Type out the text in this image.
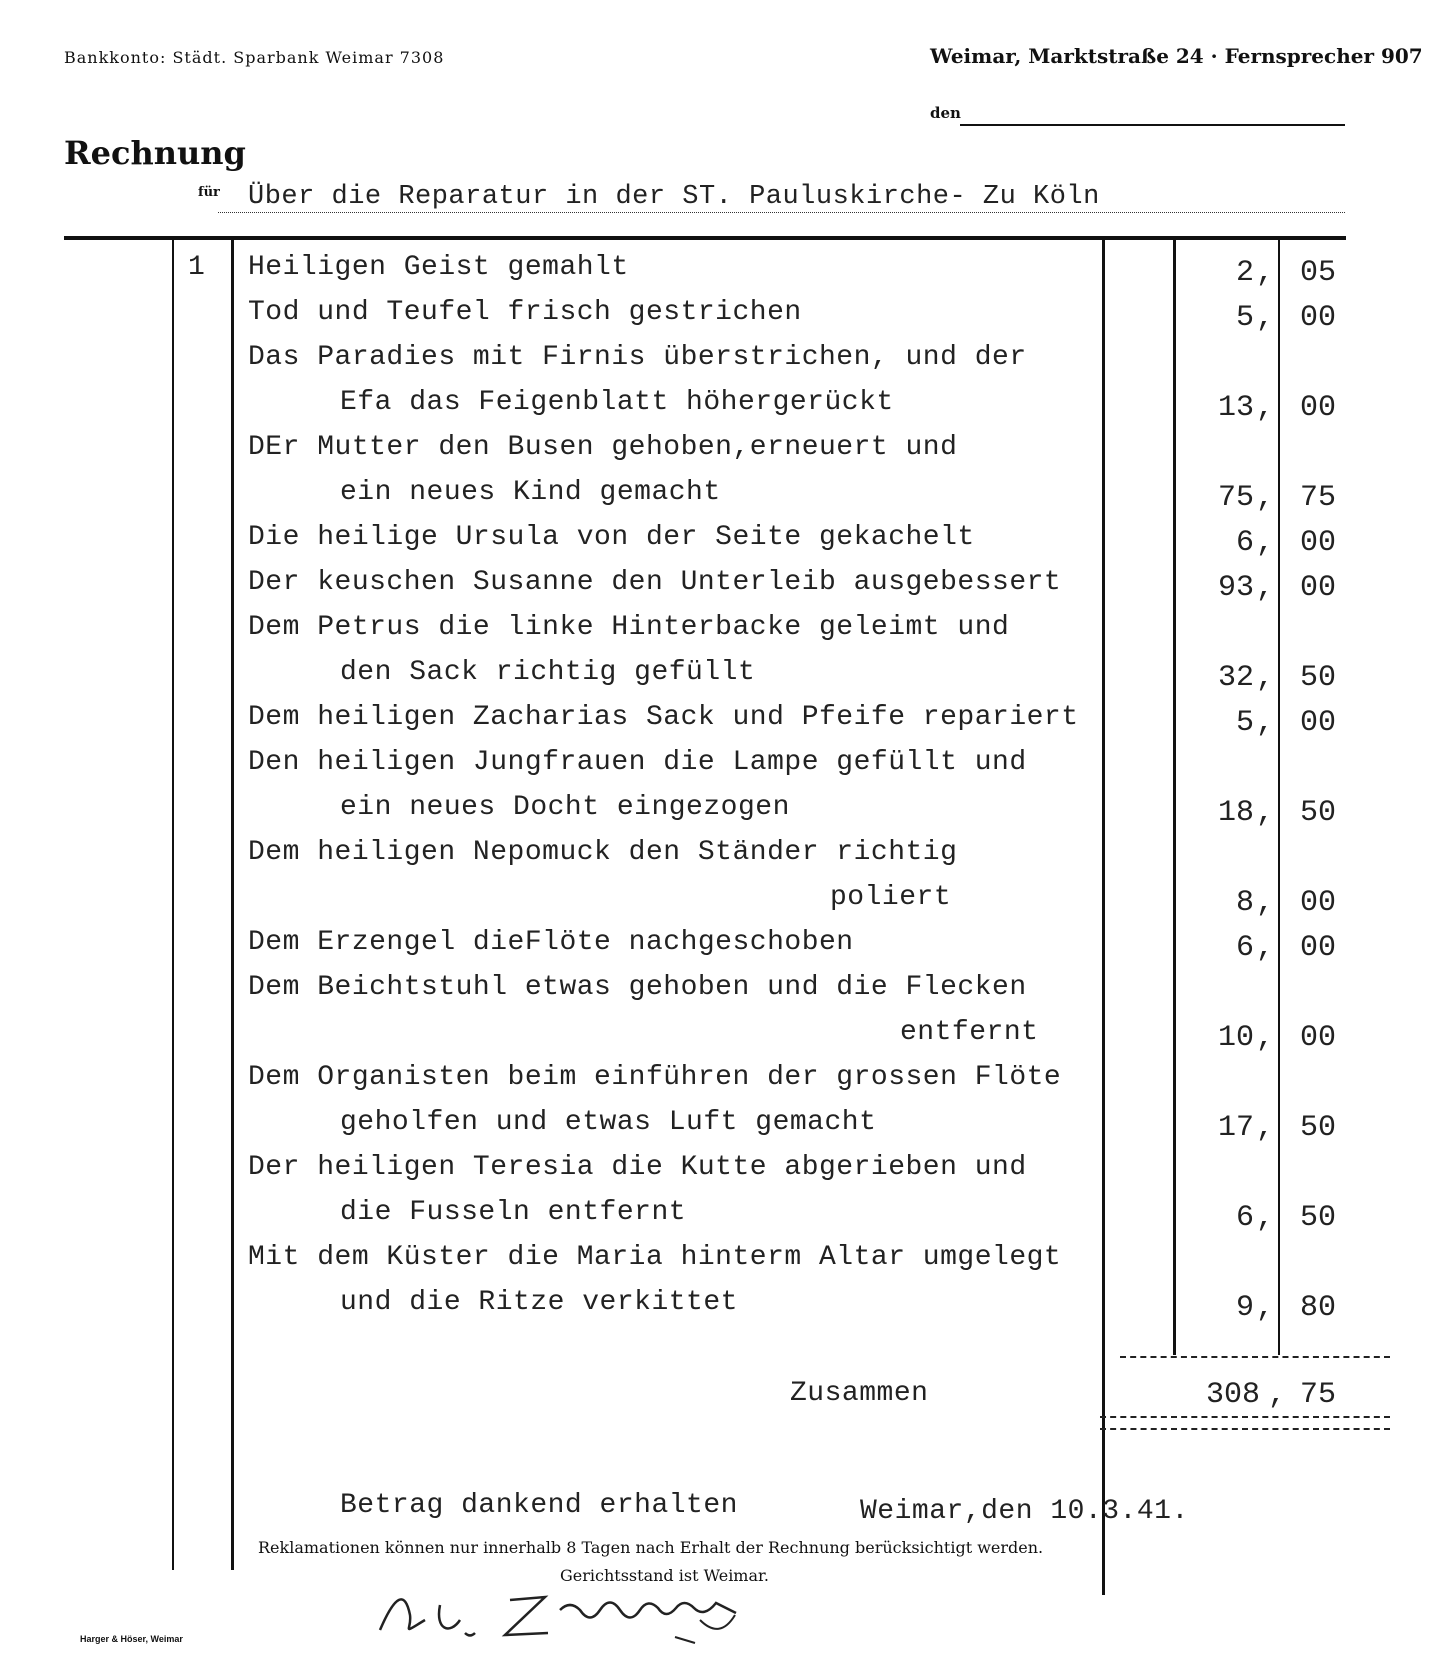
Bankkonto: Städt. Sparbank Weimar 7308	Weimar, Marktstraße 24 · Fernsprecher 907
den
Rechnung
für Über die Reparatur in der ST. Pauluskirche- Zu Köln
1 Heiligen Geist gemahlt	2 , 05
Tod und Teufel frisch gestrichen	5 , 00
Das Paradies mit Firnis überstrichen, und der
Efa das Feigenblatt höhergerückt	13 , 00
DEr Mutter den Busen gehoben,erneuert und
ein neues Kind gemacht	75 , 75
Die heilige Ursula von der Seite gekachelt	6 , 00
Der keuschen Susanne den Unterleib ausgebessert	93 , 00
Dem Petrus die linke Hinterbacke geleimt und
den Sack richtig gefüllt	32 , 50
Dem heiligen Zacharias Sack und Pfeife repariert	5 , 00
Den heiligen Jungfrauen die Lampe gefüllt und
ein neues Docht eingezogen	18 , 50
Dem heiligen Nepomuck den Ständer richtig
poliert	8 , 00
Dem Erzengel dieFlöte nachgeschoben	6 , 00
Dem Beichtstuhl etwas gehoben und die Flecken
entfernt	10 , 00
Dem Organisten beim einführen der grossen Flöte
geholfen und etwas Luft gemacht	17 , 50
Der heiligen Teresia die Kutte abgerieben und
die Fusseln entfernt	6 , 50
Mit dem Küster die Maria hinterm Altar umgelegt
und die Ritze verkittet	9 , 80
Zusammen	308 , 75
Betrag dankend erhalten	Weimar,den 10.3.41.
Reklamationen können nur innerhalb 8 Tagen nach Erhalt der Rechnung berücksichtigt werden.
Gerichtsstand ist Weimar.
Ph. G. Zimmermann
Harger & Höser, Weimar
